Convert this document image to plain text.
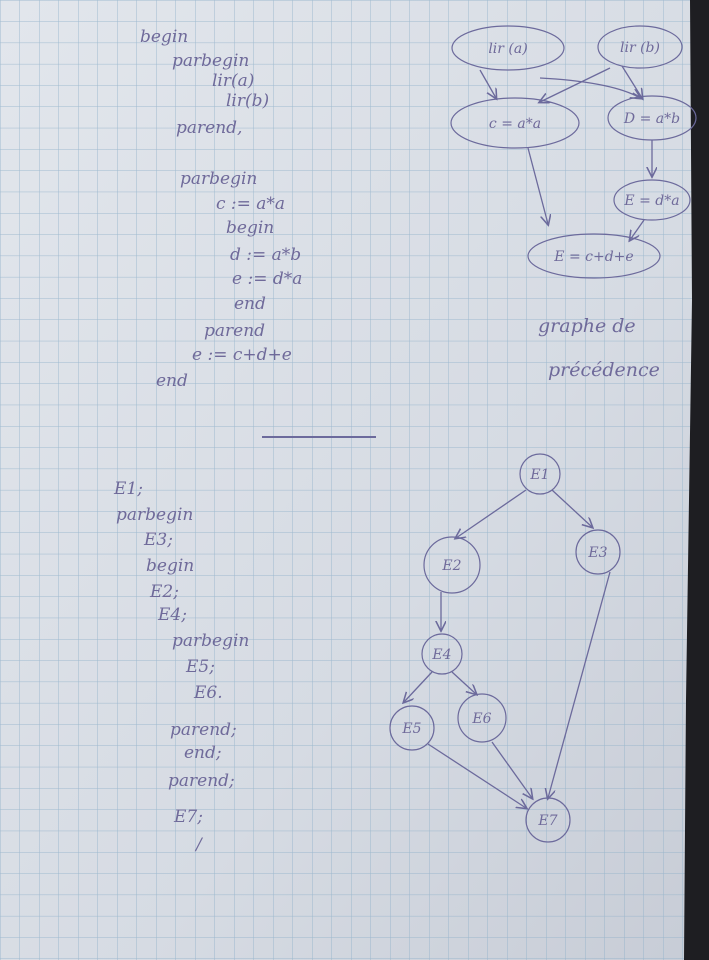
begin
parbegin
lir(a)
lir(b)
parend,
parbegin
c := a*a
begin
d := a*b
e := d*a
end
parend
e := c+d+e
end
lir (a)	lir (b)
c = a*a	D = a*b
E = d*a
E = c+d+e
graphe de
précédence
E1;
parbegin
E3;
begin
E2;
E4;
parbegin
E5;
E6.
parend;
end;
parend;
E7;
/
E1
E2
E3
E4
E5
E6
E7
